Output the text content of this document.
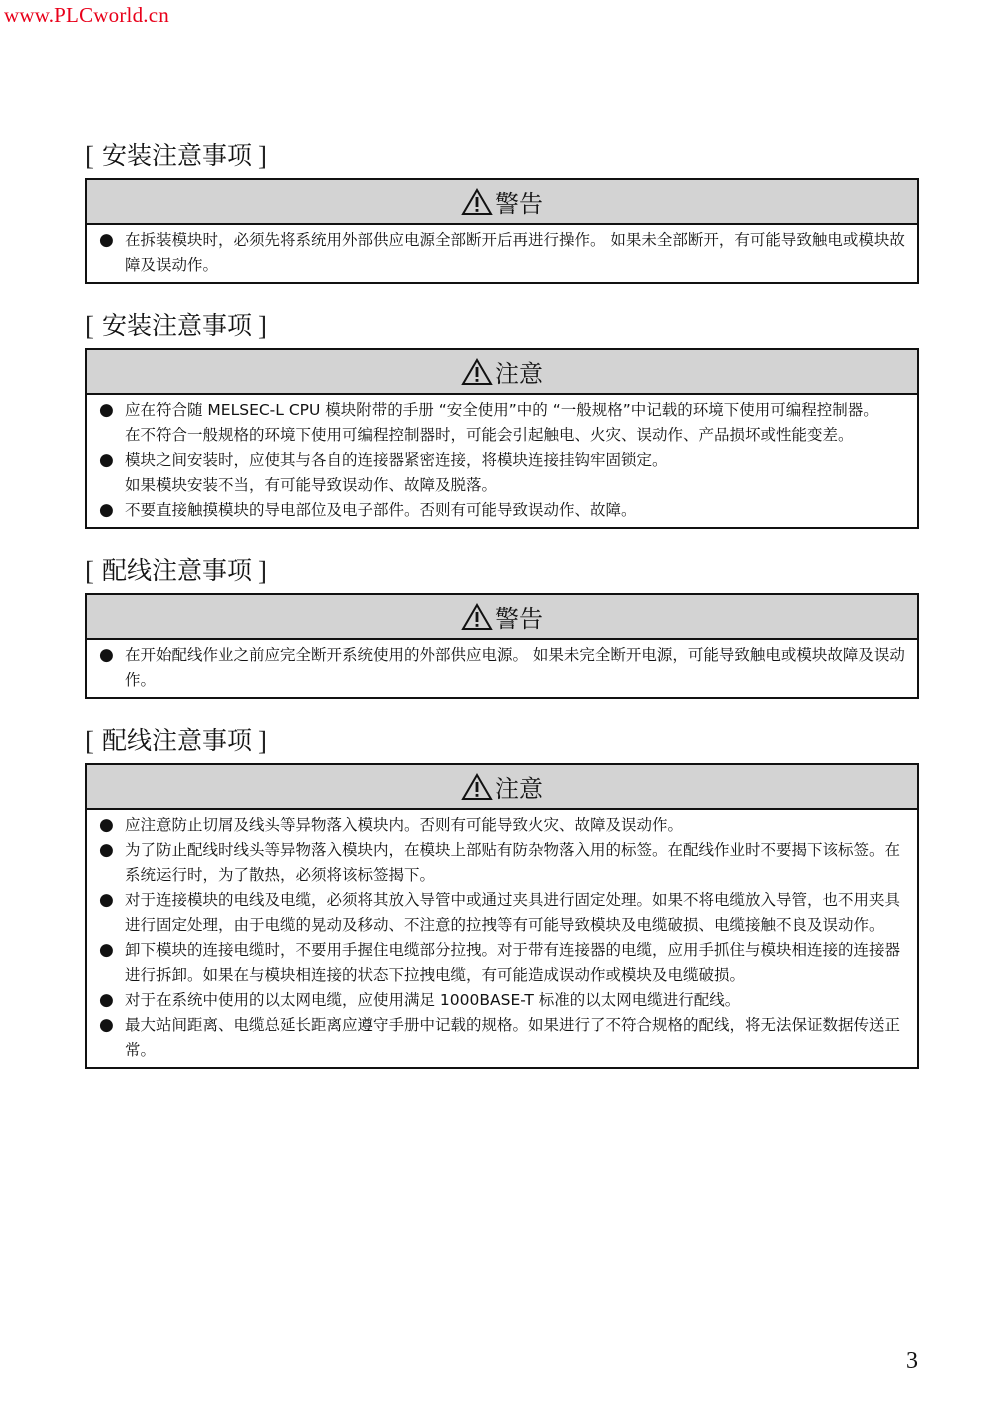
www.PLCworld.cn
[ 安装注意事项 ]
警告
● 在拆装模块时，必须先将系统用外部供应电源全部断开后再进行操作。 如果未全部断开，有可能导致触电或模块故障及误动作。
[ 安装注意事项 ]
注意
● 应在符合随 MELSEC-L CPU 模块附带的手册 “安全使用”中的 “一般规格”中记载的环境下使用可编程控制器。
在不符合一般规格的环境下使用可编程控制器时，可能会引起触电、火灾、误动作、产品损坏或性能变差。
● 模块之间安装时，应使其与各自的连接器紧密连接，将模块连接挂钩牢固锁定。
如果模块安装不当，有可能导致误动作、故障及脱落。
● 不要直接触摸模块的导电部位及电子部件。否则有可能导致误动作、故障。
[ 配线注意事项 ]
警告
● 在开始配线作业之前应完全断开系统使用的外部供应电源。 如果未完全断开电源，可能导致触电或模块故障及误动作。
[ 配线注意事项 ]
注意
● 应注意防止切屑及线头等异物落入模块内。否则有可能导致火灾、故障及误动作。
● 为了防止配线时线头等异物落入模块内，在模块上部贴有防杂物落入用的标签。在配线作业时不要揭下该标签。在系统运行时，为了散热，必须将该标签揭下。
● 对于连接模块的电线及电缆，必须将其放入导管中或通过夹具进行固定处理。如果不将电缆放入导管，也不用夹具进行固定处理，由于电缆的晃动及移动、不注意的拉拽等有可能导致模块及电缆破损、电缆接触不良及误动作。
● 卸下模块的连接电缆时，不要用手握住电缆部分拉拽。对于带有连接器的电缆，应用手抓住与模块相连接的连接器进行拆卸。如果在与模块相连接的状态下拉拽电缆，有可能造成误动作或模块及电缆破损。
● 对于在系统中使用的以太网电缆，应使用满足 1000BASE-T 标准的以太网电缆进行配线。
● 最大站间距离、电缆总延长距离应遵守手册中记载的规格。如果进行了不符合规格的配线，将无法保证数据传送正常。
3
